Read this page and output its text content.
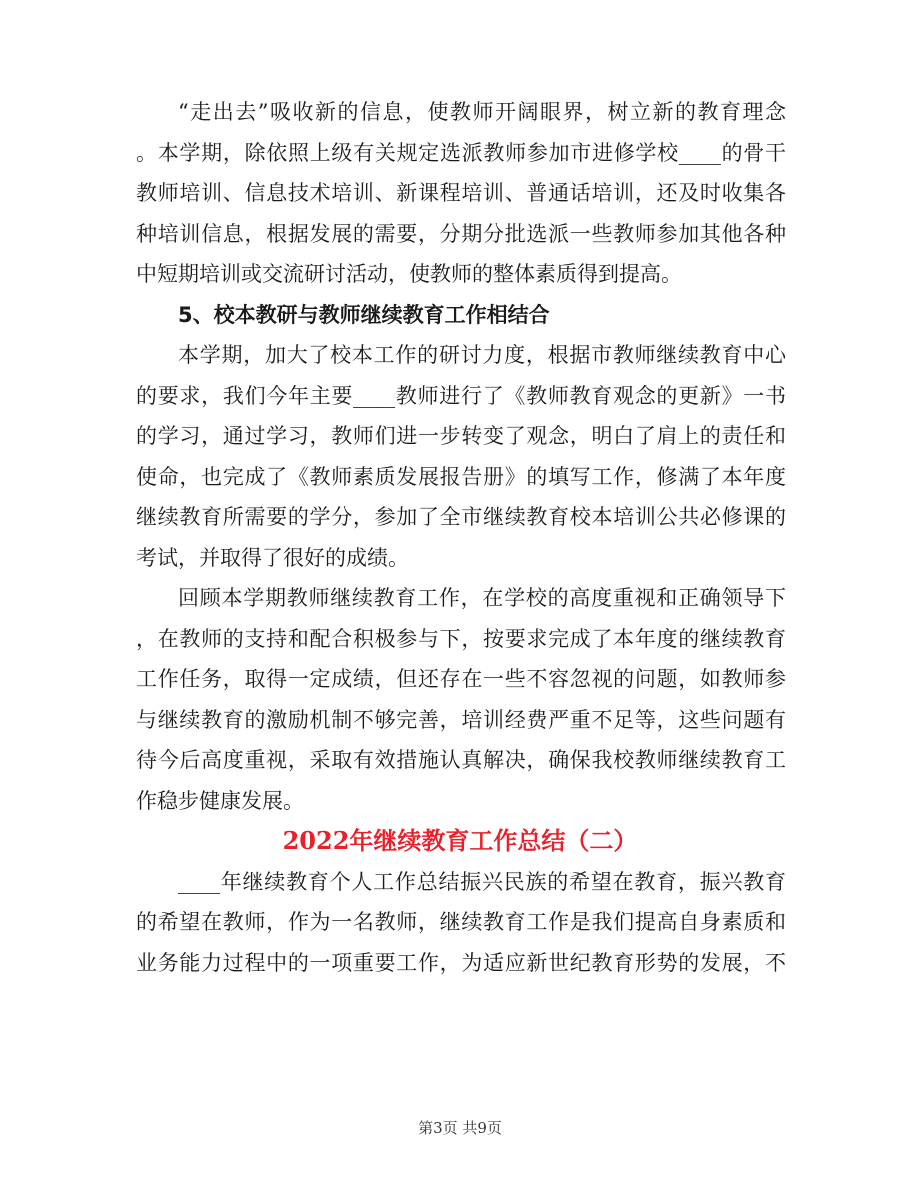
“走出去”吸收新的信息，使教师开阔眼界，树立新的教育理念
。本学期，除依照上级有关规定选派教师参加市进修学校____的骨干
教师培训、信息技术培训、新课程培训、普通话培训，还及时收集各
种培训信息，根据发展的需要，分期分批选派一些教师参加其他各种
中短期培训或交流研讨活动，使教师的整体素质得到提高。
5、校本教研与教师继续教育工作相结合
本学期，加大了校本工作的研讨力度，根据市教师继续教育中心
的要求，我们今年主要____教师进行了《教师教育观念的更新》一书
的学习，通过学习，教师们进一步转变了观念，明白了肩上的责任和
使命，也完成了《教师素质发展报告册》的填写工作，修满了本年度
继续教育所需要的学分，参加了全市继续教育校本培训公共必修课的
考试，并取得了很好的成绩。
回顾本学期教师继续教育工作，在学校的高度重视和正确领导下
，在教师的支持和配合积极参与下，按要求完成了本年度的继续教育
工作任务，取得一定成绩，但还存在一些不容忽视的问题，如教师参
与继续教育的激励机制不够完善，培训经费严重不足等，这些问题有
待今后高度重视，采取有效措施认真解决，确保我校教师继续教育工
作稳步健康发展。
2022年继续教育工作总结（二）
____年继续教育个人工作总结振兴民族的希望在教育，振兴教育
的希望在教师，作为一名教师，继续教育工作是我们提高自身素质和
业务能力过程中的一项重要工作，为适应新世纪教育形势的发展，不
第3页 共9页
